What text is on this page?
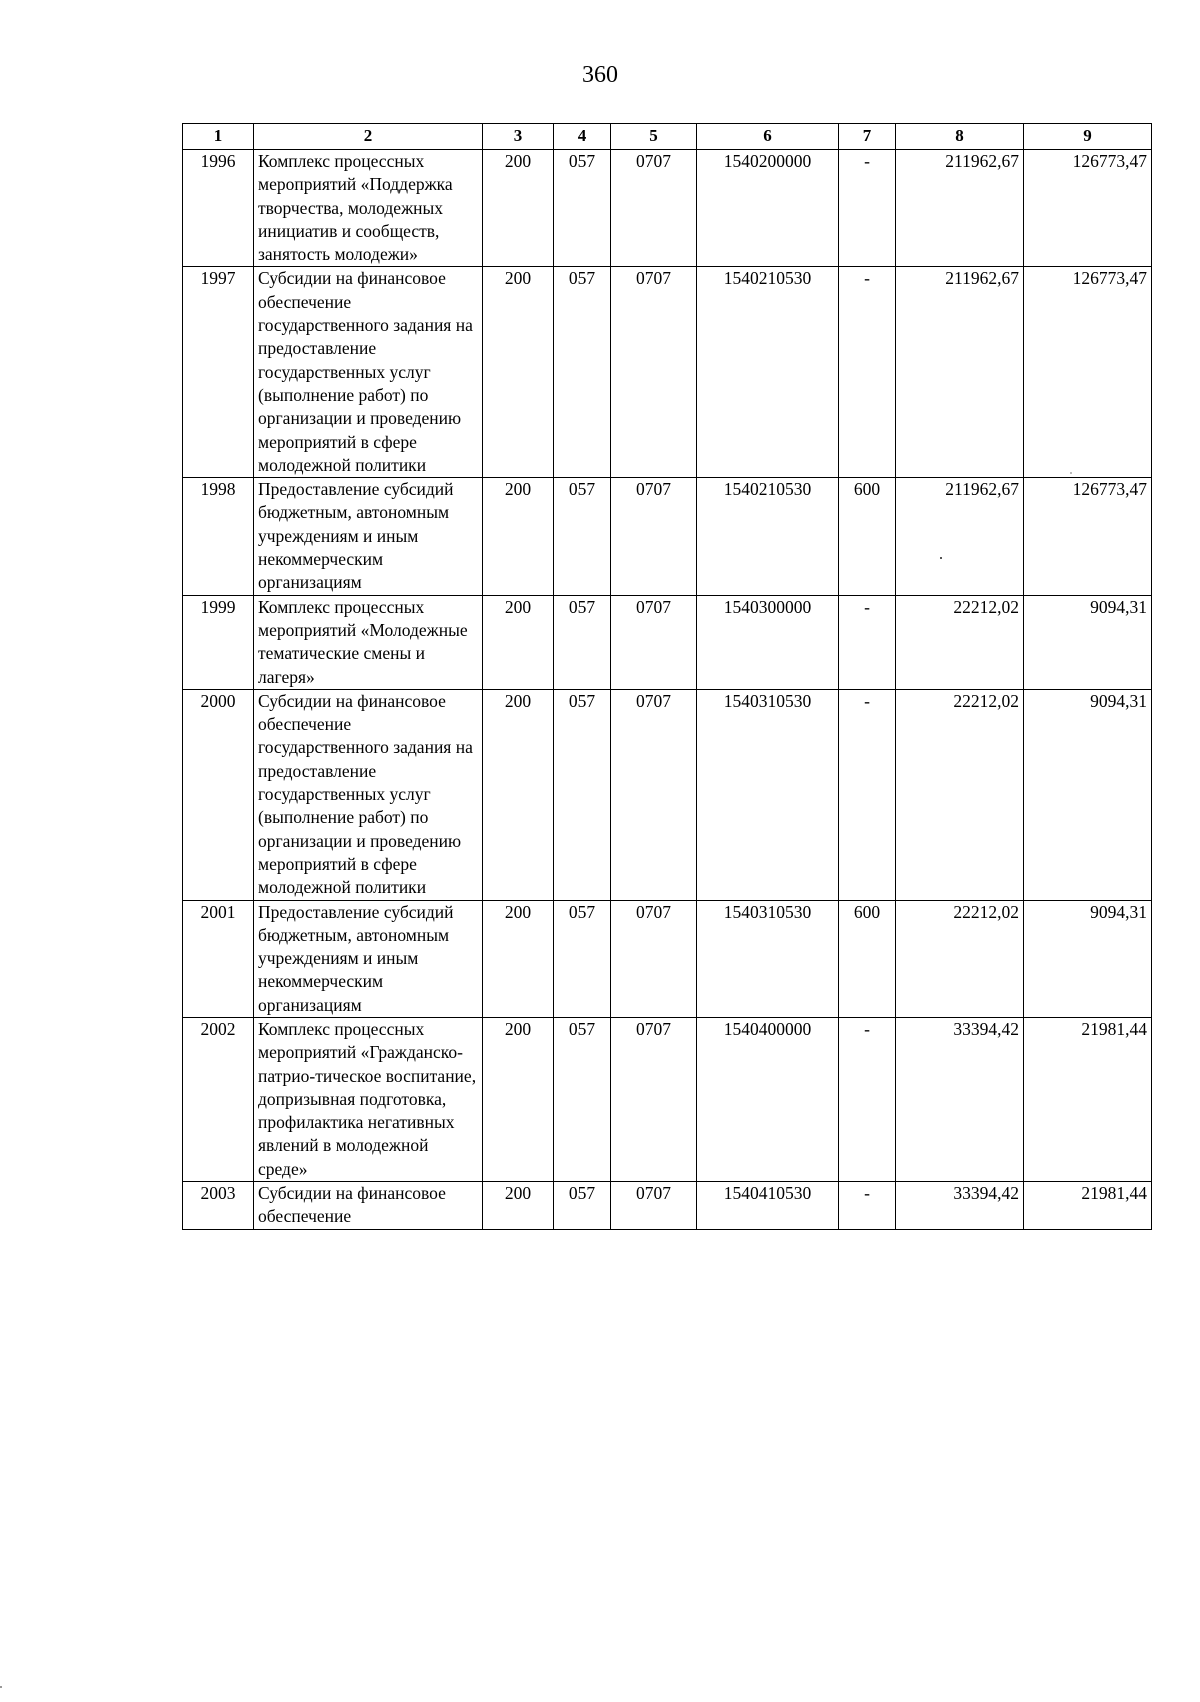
360
1	2	3	4	5	6	7	8	9
1996	Комплекс процессных мероприятий «Поддержка творчества, молодежных инициатив и сообществ, занятость молодежи»	200	057	0707	1540200000	-	211962,67	126773,47
1997	Субсидии на финансовое обеспечение государственного задания на предоставление государственных услуг (выполнение работ) по организации и проведению мероприятий в сфере молодежной политики	200	057	0707	1540210530	-	211962,67	126773,47
1998	Предоставление субсидий бюджетным, автономным учреждениям и иным некоммерческим организациям	200	057	0707	1540210530	600	211962,67	126773,47
1999	Комплекс процессных мероприятий «Молодежные тематические смены и лагеря»	200	057	0707	1540300000	-	22212,02	9094,31
2000	Субсидии на финансовое обеспечение государственного задания на предоставление государственных услуг (выполнение работ) по организации и проведению мероприятий в сфере молодежной политики	200	057	0707	1540310530	-	22212,02	9094,31
2001	Предоставление субсидий бюджетным, автономным учреждениям и иным некоммерческим организациям	200	057	0707	1540310530	600	22212,02	9094,31
2002	Комплекс процессных мероприятий «Гражданско-патрио-тическое воспитание, допризывная подготовка, профилактика негативных явлений в молодежной среде»	200	057	0707	1540400000	-	33394,42	21981,44
2003	Субсидии на финансовое обеспечение	200	057	0707	1540410530	-	33394,42	21981,44
